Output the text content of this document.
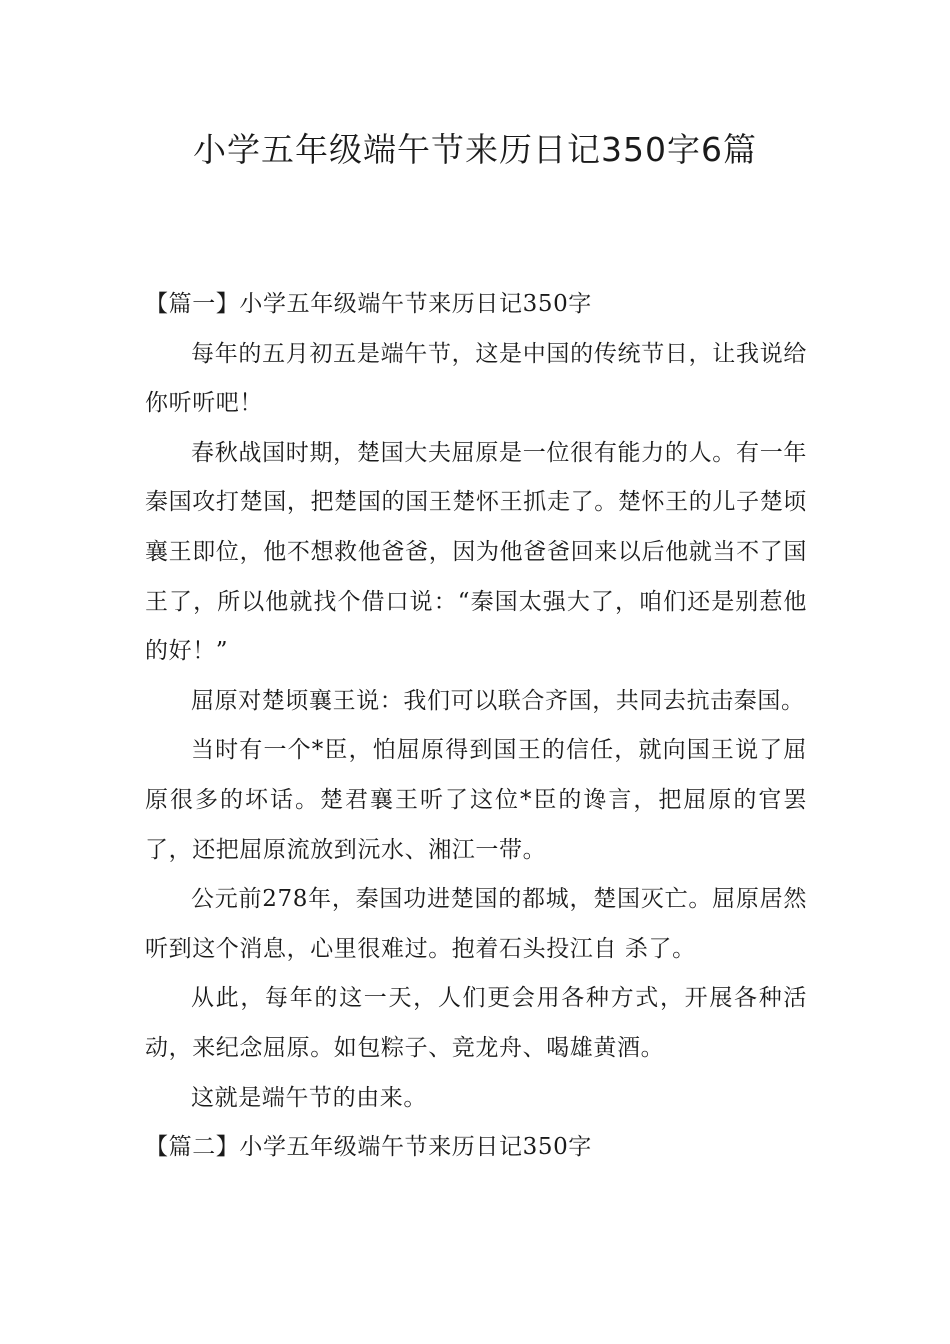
小学五年级端午节来历日记350字6篇

【篇一】小学五年级端午节来历日记350字

每年的五月初五是端午节，这是中国的传统节日，让我说给你听听吧！

春秋战国时期，楚国大夫屈原是一位很有能力的人。有一年秦国攻打楚国，把楚国的国王楚怀王抓走了。楚怀王的儿子楚顷襄王即位，他不想救他爸爸，因为他爸爸回来以后他就当不了国王了，所以他就找个借口说：“秦国太强大了，咱们还是别惹他的好！”

屈原对楚顷襄王说：我们可以联合齐国，共同去抗击秦国。

当时有一个*臣，怕屈原得到国王的信任，就向国王说了屈原很多的坏话。楚君襄王听了这位*臣的谗言，把屈原的官罢了，还把屈原流放到沅水、湘江一带。

公元前278年，秦国功进楚国的都城，楚国灭亡。屈原居然听到这个消息，心里很难过。抱着石头投江自 杀了。

从此，每年的这一天，人们更会用各种方式，开展各种活动，来纪念屈原。如包粽子、竞龙舟、喝雄黄酒。

这就是端午节的由来。

【篇二】小学五年级端午节来历日记350字
